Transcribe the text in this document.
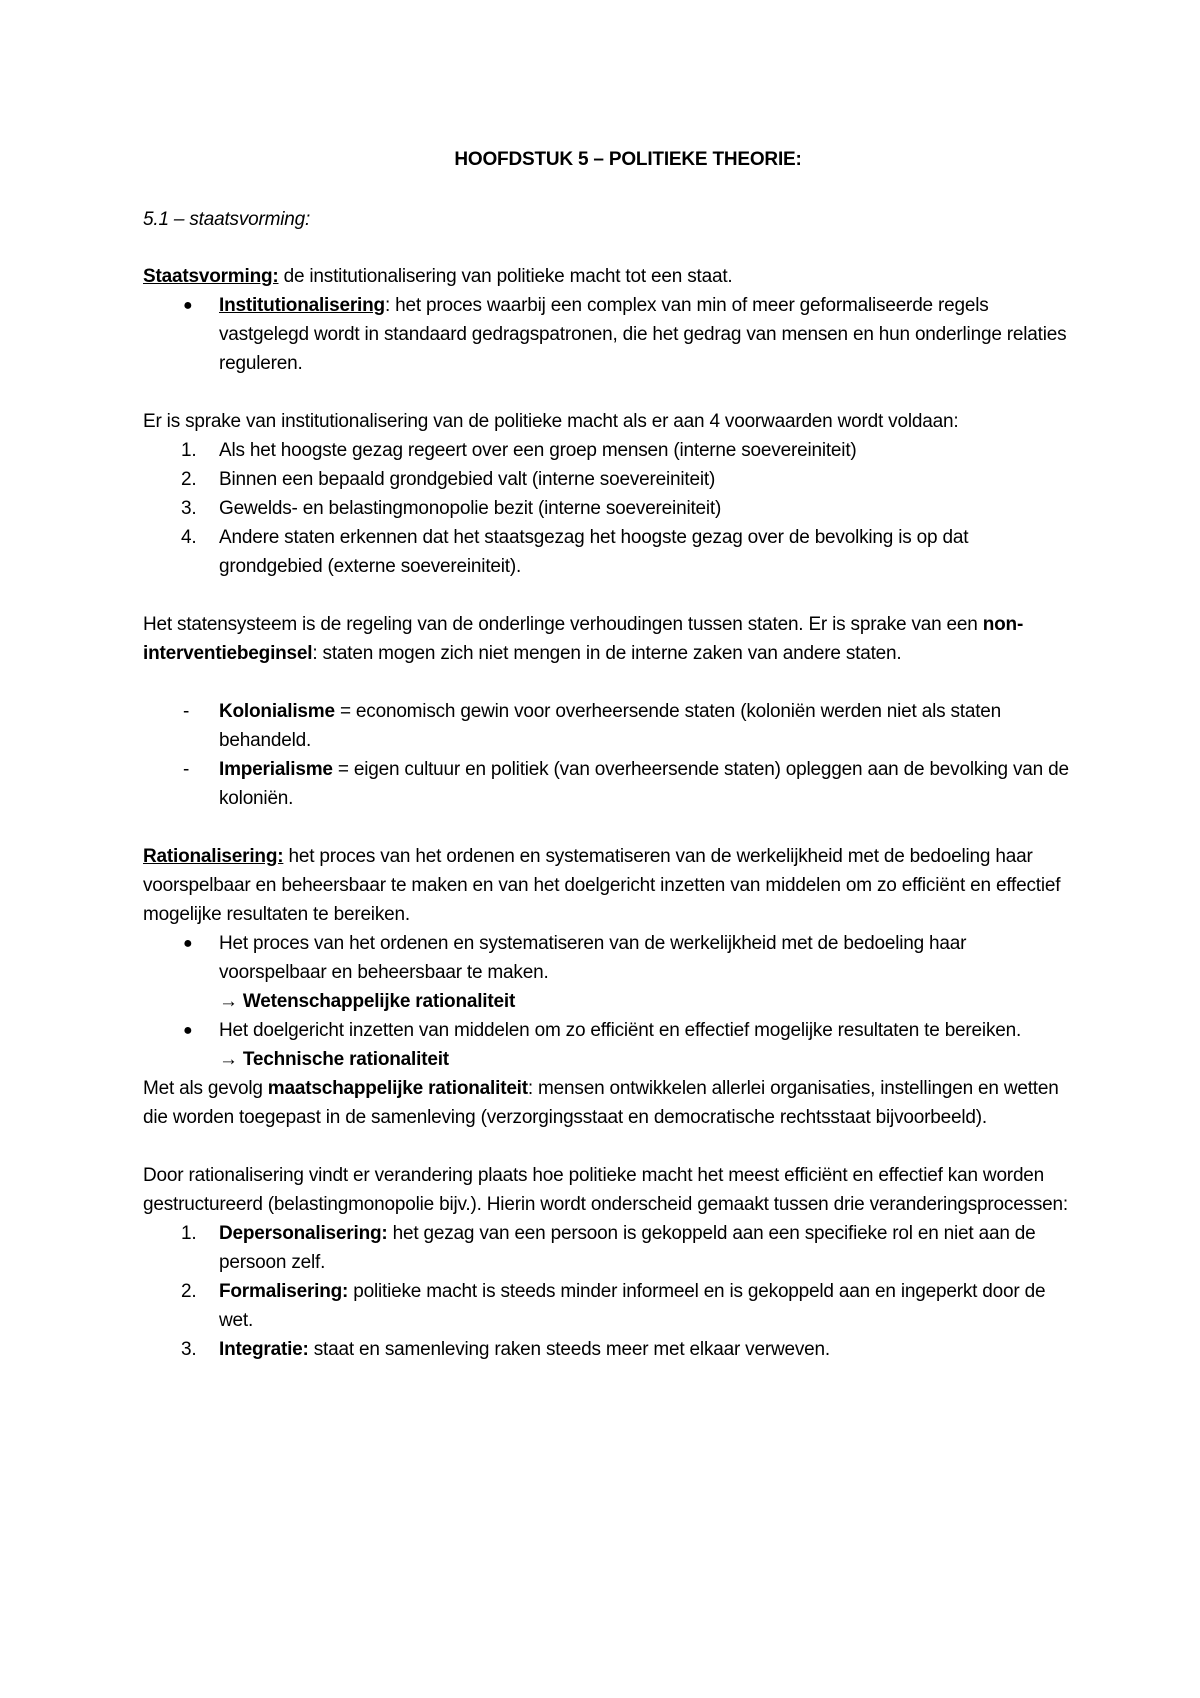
HOOFDSTUK 5 – POLITIEKE THEORIE:

5.1 – staatsvorming:

Staatsvorming: de institutionalisering van politieke macht tot een staat.

● Institutionalisering: het proces waarbij een complex van min of meer geformaliseerde regels vastgelegd wordt in standaard gedragspatronen, die het gedrag van mensen en hun onderlinge relaties reguleren.

Er is sprake van institutionalisering van de politieke macht als er aan 4 voorwaarden wordt voldaan:

1. Als het hoogste gezag regeert over een groep mensen (interne soevereiniteit)
2. Binnen een bepaald grondgebied valt (interne soevereiniteit)
3. Gewelds- en belastingmonopolie bezit (interne soevereiniteit)
4. Andere staten erkennen dat het staatsgezag het hoogste gezag over de bevolking is op dat grondgebied (externe soevereiniteit).

Het statensysteem is de regeling van de onderlinge verhoudingen tussen staten. Er is sprake van een non-interventiebeginsel: staten mogen zich niet mengen in de interne zaken van andere staten.

- Kolonialisme = economisch gewin voor overheersende staten (koloniën werden niet als staten behandeld.
- Imperialisme = eigen cultuur en politiek (van overheersende staten) opleggen aan de bevolking van de koloniën.

Rationalisering: het proces van het ordenen en systematiseren van de werkelijkheid met de bedoeling haar voorspelbaar en beheersbaar te maken en van het doelgericht inzetten van middelen om zo efficiënt en effectief mogelijke resultaten te bereiken.

● Het proces van het ordenen en systematiseren van de werkelijkheid met de bedoeling haar voorspelbaar en beheersbaar te maken.
→ Wetenschappelijke rationaliteit
● Het doelgericht inzetten van middelen om zo efficiënt en effectief mogelijke resultaten te bereiken.
→ Technische rationaliteit

Met als gevolg maatschappelijke rationaliteit: mensen ontwikkelen allerlei organisaties, instellingen en wetten die worden toegepast in de samenleving (verzorgingsstaat en democratische rechtsstaat bijvoorbeeld).

Door rationalisering vindt er verandering plaats hoe politieke macht het meest efficiënt en effectief kan worden gestructureerd (belastingmonopolie bijv.). Hierin wordt onderscheid gemaakt tussen drie veranderingsprocessen:

1. Depersonalisering: het gezag van een persoon is gekoppeld aan een specifieke rol en niet aan de persoon zelf.
2. Formalisering: politieke macht is steeds minder informeel en is gekoppeld aan en ingeperkt door de wet.
3. Integratie: staat en samenleving raken steeds meer met elkaar verweven.
